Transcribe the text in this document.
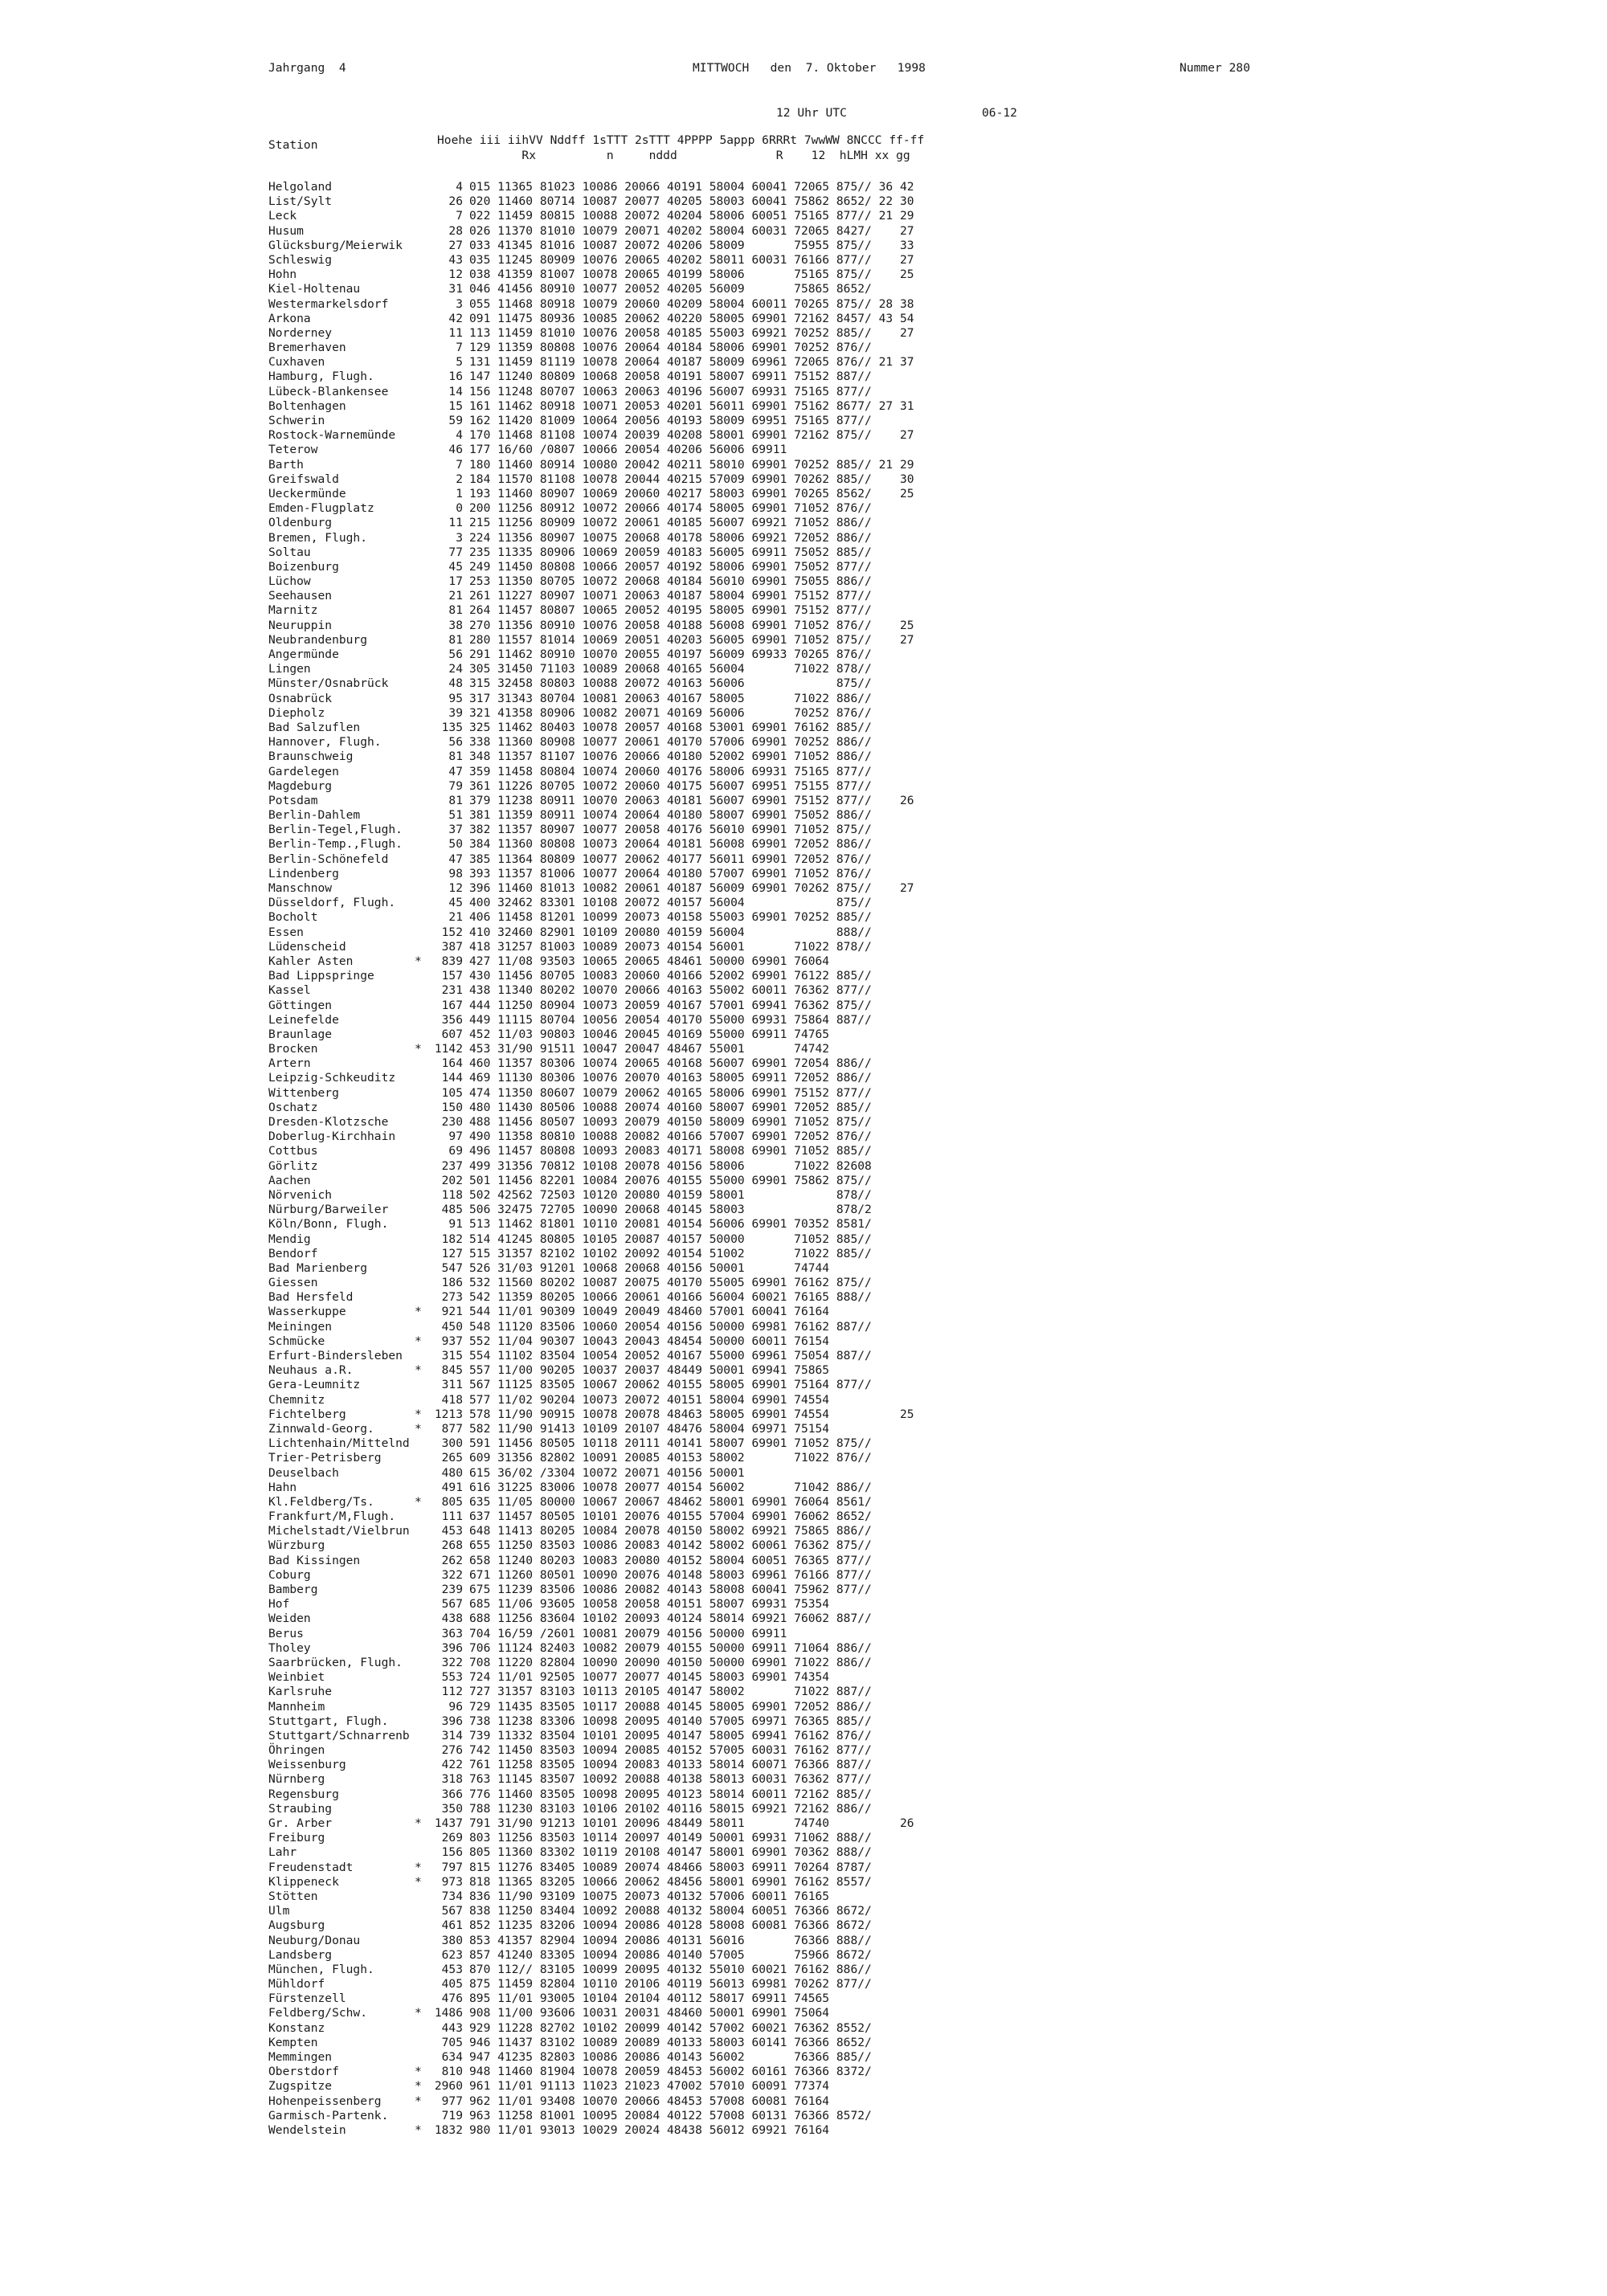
Jahrgang  4	MITTWOCH   den  7. Oktober   1998	Nummer 280
12 Uhr UTC	06-12
Station	Hoehe iii iihVV Nddff 1sTTT 2sTTT 4PPPP 5appp 6RRRt 7wwWW 8NCCC ff-ff
Rx          n     nddd              R    12  hLMH xx gg
Helgoland	4 015 11365 81023 10086 20066 40191 58004 60041 72065 875// 36 42
List/Sylt	26 020 11460 80714 10087 20077 40205 58003 60041 75862 8652/ 22 30
Leck	7 022 11459 80815 10088 20072 40204 58006 60051 75165 877// 21 29
Husum	28 026 11370 81010 10079 20071 40202 58004 60031 72065 8427/    27
Glücksburg/Meierwik	27 033 41345 81016 10087 20072 40206 58009       75955 875//    33
Schleswig	43 035 11245 80909 10076 20065 40202 58011 60031 76166 877//    27
Hohn	12 038 41359 81007 10078 20065 40199 58006       75165 875//    25
Kiel-Holtenau	31 046 41456 80910 10077 20052 40205 56009       75865 8652/
Westermarkelsdorf	3 055 11468 80918 10079 20060 40209 58004 60011 70265 875// 28 38
Arkona	42 091 11475 80936 10085 20062 40220 58005 69901 72162 8457/ 43 54
Norderney	11 113 11459 81010 10076 20058 40185 55003 69921 70252 885//    27
Bremerhaven	7 129 11359 80808 10076 20064 40184 58006 69901 70252 876//
Cuxhaven	5 131 11459 81119 10078 20064 40187 58009 69961 72065 876// 21 37
Hamburg, Flugh.	16 147 11240 80809 10068 20058 40191 58007 69911 75152 887//
Lübeck-Blankensee	14 156 11248 80707 10063 20063 40196 56007 69931 75165 877//
Boltenhagen	15 161 11462 80918 10071 20053 40201 56011 69901 75162 8677/ 27 31
Schwerin	59 162 11420 81009 10064 20056 40193 58009 69951 75165 877//
Rostock-Warnemünde	4 170 11468 81108 10074 20039 40208 58001 69901 72162 875//    27
Teterow	46 177 16/60 /0807 10066 20054 40206 56006 69911
Barth	7 180 11460 80914 10080 20042 40211 58010 69901 70252 885// 21 29
Greifswald	2 184 11570 81108 10078 20044 40215 57009 69901 70262 885//    30
Ueckermünde	1 193 11460 80907 10069 20060 40217 58003 69901 70265 8562/    25
Emden-Flugplatz	0 200 11256 80912 10072 20066 40174 58005 69901 71052 876//
Oldenburg	11 215 11256 80909 10072 20061 40185 56007 69921 71052 886//
Bremen, Flugh.	3 224 11356 80907 10075 20068 40178 58006 69921 72052 886//
Soltau	77 235 11335 80906 10069 20059 40183 56005 69911 75052 885//
Boizenburg	45 249 11450 80808 10066 20057 40192 58006 69901 75052 877//
Lüchow	17 253 11350 80705 10072 20068 40184 56010 69901 75055 886//
Seehausen	21 261 11227 80907 10071 20063 40187 58004 69901 75152 877//
Marnitz	81 264 11457 80807 10065 20052 40195 58005 69901 75152 877//
Neuruppin	38 270 11356 80910 10076 20058 40188 56008 69901 71052 876//    25
Neubrandenburg	81 280 11557 81014 10069 20051 40203 56005 69901 71052 875//    27
Angermünde	56 291 11462 80910 10070 20055 40197 56009 69933 70265 876//
Lingen	24 305 31450 71103 10089 20068 40165 56004       71022 878//
Münster/Osnabrück	48 315 32458 80803 10088 20072 40163 56006             875//
Osnabrück	95 317 31343 80704 10081 20063 40167 58005       71022 886//
Diepholz	39 321 41358 80906 10082 20071 40169 56006       70252 876//
Bad Salzuflen	135 325 11462 80403 10078 20057 40168 53001 69901 76162 885//
Hannover, Flugh.	56 338 11360 80908 10077 20061 40170 57006 69901 70252 886//
Braunschweig	81 348 11357 81107 10076 20066 40180 52002 69901 71052 886//
Gardelegen	47 359 11458 80804 10074 20060 40176 58006 69931 75165 877//
Magdeburg	79 361 11226 80705 10072 20060 40175 56007 69951 75155 877//
Potsdam	81 379 11238 80911 10070 20063 40181 56007 69901 75152 877//    26
Berlin-Dahlem	51 381 11359 80911 10074 20064 40180 58007 69901 75052 886//
Berlin-Tegel,Flugh.	37 382 11357 80907 10077 20058 40176 56010 69901 71052 875//
Berlin-Temp.,Flugh.	50 384 11360 80808 10073 20064 40181 56008 69901 72052 886//
Berlin-Schönefeld	47 385 11364 80809 10077 20062 40177 56011 69901 72052 876//
Lindenberg	98 393 11357 81006 10077 20064 40180 57007 69901 71052 876//
Manschnow	12 396 11460 81013 10082 20061 40187 56009 69901 70262 875//    27
Düsseldorf, Flugh.	45 400 32462 83301 10108 20072 40157 56004             875//
Bocholt	21 406 11458 81201 10099 20073 40158 55003 69901 70252 885//
Essen	152 410 32460 82901 10109 20080 40159 56004             888//
Lüdenscheid	387 418 31257 81003 10089 20073 40154 56001       71022 878//
Kahler Asten	*	839 427 11/08 93503 10065 20065 48461 50000 69901 76064
Bad Lippspringe	157 430 11456 80705 10083 20060 40166 52002 69901 76122 885//
Kassel	231 438 11340 80202 10070 20066 40163 55002 60011 76362 877//
Göttingen	167 444 11250 80904 10073 20059 40167 57001 69941 76362 875//
Leinefelde	356 449 11115 80704 10056 20054 40170 55000 69931 75864 887//
Braunlage	607 452 11/03 90803 10046 20045 40169 55000 69911 74765
Brocken	*	1142 453 31/90 91511 10047 20047 48467 55001       74742
Artern	164 460 11357 80306 10074 20065 40168 56007 69901 72054 886//
Leipzig-Schkeuditz	144 469 11130 80306 10076 20070 40163 58005 69911 72052 886//
Wittenberg	105 474 11350 80607 10079 20062 40165 58006 69901 75152 877//
Oschatz	150 480 11430 80506 10088 20074 40160 58007 69901 72052 885//
Dresden-Klotzsche	230 488 11456 80507 10093 20079 40150 58009 69901 71052 875//
Doberlug-Kirchhain	97 490 11358 80810 10088 20082 40166 57007 69901 72052 876//
Cottbus	69 496 11457 80808 10093 20083 40171 58008 69901 71052 885//
Görlitz	237 499 31356 70812 10108 20078 40156 58006       71022 82608
Aachen	202 501 11456 82201 10084 20076 40155 55000 69901 75862 875//
Nörvenich	118 502 42562 72503 10120 20080 40159 58001             878//
Nürburg/Barweiler	485 506 32475 72705 10090 20068 40145 58003             878/2
Köln/Bonn, Flugh.	91 513 11462 81801 10110 20081 40154 56006 69901 70352 8581/
Mendig	182 514 41245 80805 10105 20087 40157 50000       71052 885//
Bendorf	127 515 31357 82102 10102 20092 40154 51002       71022 885//
Bad Marienberg	547 526 31/03 91201 10068 20068 40156 50001       74744
Giessen	186 532 11560 80202 10087 20075 40170 55005 69901 76162 875//
Bad Hersfeld	273 542 11359 80205 10066 20061 40166 56004 60021 76165 888//
Wasserkuppe	*	921 544 11/01 90309 10049 20049 48460 57001 60041 76164
Meiningen	450 548 11120 83506 10060 20054 40156 50000 69981 76162 887//
Schmücke	*	937 552 11/04 90307 10043 20043 48454 50000 60011 76154
Erfurt-Bindersleben	315 554 11102 83504 10054 20052 40167 55000 69961 75054 887//
Neuhaus a.R.	*	845 557 11/00 90205 10037 20037 48449 50001 69941 75865
Gera-Leumnitz	311 567 11125 83505 10067 20062 40155 58005 69901 75164 877//
Chemnitz	418 577 11/02 90204 10073 20072 40151 58004 69901 74554
Fichtelberg	*	1213 578 11/90 90915 10078 20078 48463 58005 69901 74554          25
Zinnwald-Georg.	*	877 582 11/90 91413 10109 20107 48476 58004 69971 75154
Lichtenhain/Mittelnd	300 591 11456 80505 10118 20111 40141 58007 69901 71052 875//
Trier-Petrisberg	265 609 31356 82802 10091 20085 40153 58002       71022 876//
Deuselbach	480 615 36/02 /3304 10072 20071 40156 50001
Hahn	491 616 31225 83006 10078 20077 40154 56002       71042 886//
Kl.Feldberg/Ts.	*	805 635 11/05 80000 10067 20067 48462 58001 69901 76064 8561/
Frankfurt/M,Flugh.	111 637 11457 80505 10101 20076 40155 57004 69901 76062 8652/
Michelstadt/Vielbrun	453 648 11413 80205 10084 20078 40150 58002 69921 75865 886//
Würzburg	268 655 11250 83503 10086 20083 40142 58002 60061 76362 875//
Bad Kissingen	262 658 11240 80203 10083 20080 40152 58004 60051 76365 877//
Coburg	322 671 11260 80501 10090 20076 40148 58003 69961 76166 877//
Bamberg	239 675 11239 83506 10086 20082 40143 58008 60041 75962 877//
Hof	567 685 11/06 93605 10058 20058 40151 58007 69931 75354
Weiden	438 688 11256 83604 10102 20093 40124 58014 69921 76062 887//
Berus	363 704 16/59 /2601 10081 20079 40156 50000 69911
Tholey	396 706 11124 82403 10082 20079 40155 50000 69911 71064 886//
Saarbrücken, Flugh.	322 708 11220 82804 10090 20090 40150 50000 69901 71022 886//
Weinbiet	553 724 11/01 92505 10077 20077 40145 58003 69901 74354
Karlsruhe	112 727 31357 83103 10113 20105 40147 58002       71022 887//
Mannheim	96 729 11435 83505 10117 20088 40145 58005 69901 72052 886//
Stuttgart, Flugh.	396 738 11238 83306 10098 20095 40140 57005 69971 76365 885//
Stuttgart/Schnarrenb	314 739 11332 83504 10101 20095 40147 58005 69941 76162 876//
Öhringen	276 742 11450 83503 10094 20085 40152 57005 60031 76162 877//
Weissenburg	422 761 11258 83505 10094 20083 40133 58014 60071 76366 887//
Nürnberg	318 763 11145 83507 10092 20088 40138 58013 60031 76362 877//
Regensburg	366 776 11460 83505 10098 20095 40123 58014 60011 72162 885//
Straubing	350 788 11230 83103 10106 20102 40116 58015 69921 72162 886//
Gr. Arber	*	1437 791 31/90 91213 10101 20096 48449 58011       74740          26
Freiburg	269 803 11256 83503 10114 20097 40149 50001 69931 71062 888//
Lahr	156 805 11360 83302 10119 20108 40147 58001 69901 70362 888//
Freudenstadt	*	797 815 11276 83405 10089 20074 48466 58003 69911 70264 8787/
Klippeneck	*	973 818 11365 83205 10066 20062 48456 58001 69901 76162 8557/
Stötten	734 836 11/90 93109 10075 20073 40132 57006 60011 76165
Ulm	567 838 11250 83404 10092 20088 40132 58004 60051 76366 8672/
Augsburg	461 852 11235 83206 10094 20086 40128 58008 60081 76366 8672/
Neuburg/Donau	380 853 41357 82904 10094 20086 40131 56016       76366 888//
Landsberg	623 857 41240 83305 10094 20086 40140 57005       75966 8672/
München, Flugh.	453 870 112// 83105 10099 20095 40132 55010 60021 76162 886//
Mühldorf	405 875 11459 82804 10110 20106 40119 56013 69981 70262 877//
Fürstenzell	476 895 11/01 93005 10104 20104 40112 58017 69911 74565
Feldberg/Schw.	*	1486 908 11/00 93606 10031 20031 48460 50001 69901 75064
Konstanz	443 929 11228 82702 10102 20099 40142 57002 60021 76362 8552/
Kempten	705 946 11437 83102 10089 20089 40133 58003 60141 76366 8652/
Memmingen	634 947 41235 82803 10086 20086 40143 56002       76366 885//
Oberstdorf	*	810 948 11460 81904 10078 20059 48453 56002 60161 76366 8372/
Zugspitze	*	2960 961 11/01 91113 11023 21023 47002 57010 60091 77374
Hohenpeissenberg	*	977 962 11/01 93408 10070 20066 48453 57008 60081 76164
Garmisch-Partenk.	719 963 11258 81001 10095 20084 40122 57008 60131 76366 8572/
Wendelstein	*	1832 980 11/01 93013 10029 20024 48438 56012 69921 76164
